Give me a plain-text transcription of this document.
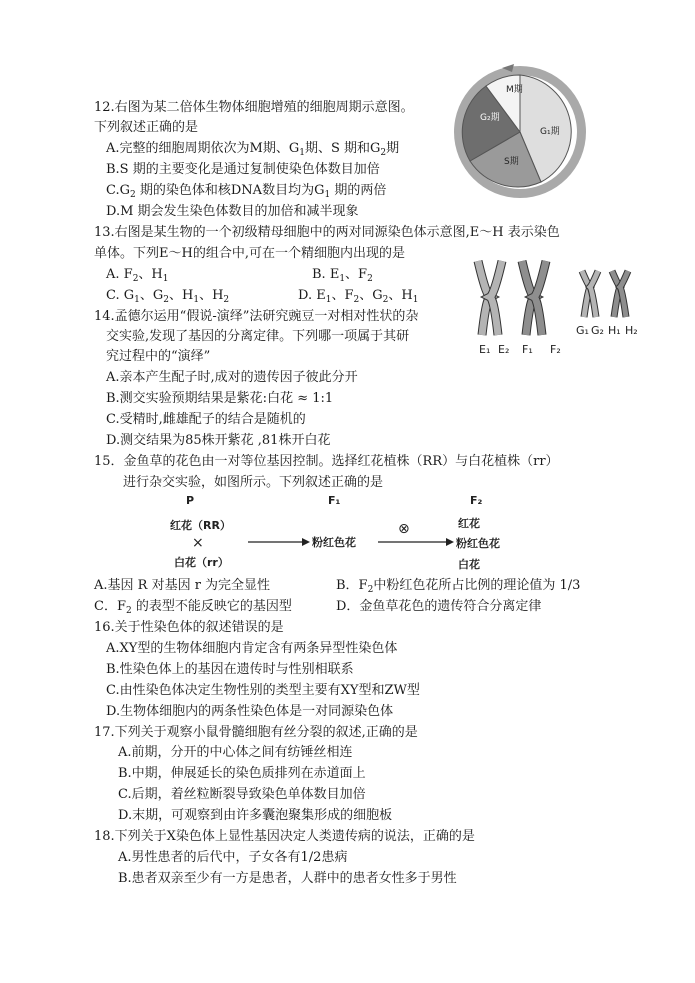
12.右图为某二倍体生物体细胞增殖的细胞周期示意图。
下列叙述正确的是
A.完整的细胞周期依次为M期、$G_1$期、S 期和$G_2$期
B.S 期的主要变化是通过复制使染色体数目加倍
$C.G_2$ 期的染色体和核DNA数目均为$G_1$ 期的两倍
D.M 期会发生染色体数目的加倍和减半现象
M期
G₂期
G₁期
S期
13.右图是某生物的一个初级精母细胞中的两对同源染色体示意图,E～H 表示染色
单体。下列E～H的组合中,可在一个精细胞内出现的是
A. $F_2$、$H_1$	B. $E_1$、$F_2$
C. $G_1$、$G_2$、$H_1$、$H_2$	D. $E_1$、$F_2$、$G_2$、$H_1$
E₁ E₂ F₁ F₂
G₁ G₂ H₁ H₂
14.孟德尔运用“假说-演绎”法研究豌豆一对相对性状的杂
交实验,发现了基因的分离定律。下列哪一项属于其研
究过程中的“演绎”
A.亲本产生配子时,成对的遗传因子彼此分开
B.测交实验预期结果是紫花:白花 ≈ 1:1
C.受精时,雌雄配子的结合是随机的
D.测交结果为85株开紫花 ,81株开白花
15．金鱼草的花色由一对等位基因控制。选择红花植株（RR）与白花植株（rr）
进行杂交实验，如图所示。下列叙述正确的是
P	F₁	F₂
红花（RR）
×
白花（rr）
粉红色花
⊗	红花
粉红色花
白花
A.基因 R 对基因 r 为完全显性	B．$F_2$中粉红色花所占比例的理论值为 1/3
C．$F_2$ 的表型不能反映它的基因型	D．金鱼草花色的遗传符合分离定律
16.关于性染色体的叙述错误的是
A.XY型的生物体细胞内肯定含有两条异型性染色体
B.性染色体上的基因在遗传时与性别相联系
C.由性染色体决定生物性别的类型主要有XY型和ZW型
D.生物体细胞内的两条性染色体是一对同源染色体
17.下列关于观察小鼠骨髓细胞有丝分裂的叙述,正确的是
A.前期，分开的中心体之间有纺锤丝相连
B.中期，伸展延长的染色质排列在赤道面上
C.后期，着丝粒断裂导致染色单体数目加倍
D.末期，可观察到由许多囊泡聚集形成的细胞板
18.下列关于X染色体上显性基因决定人类遗传病的说法，正确的是
A.男性患者的后代中，子女各有1/2患病
B.患者双亲至少有一方是患者，人群中的患者女性多于男性
